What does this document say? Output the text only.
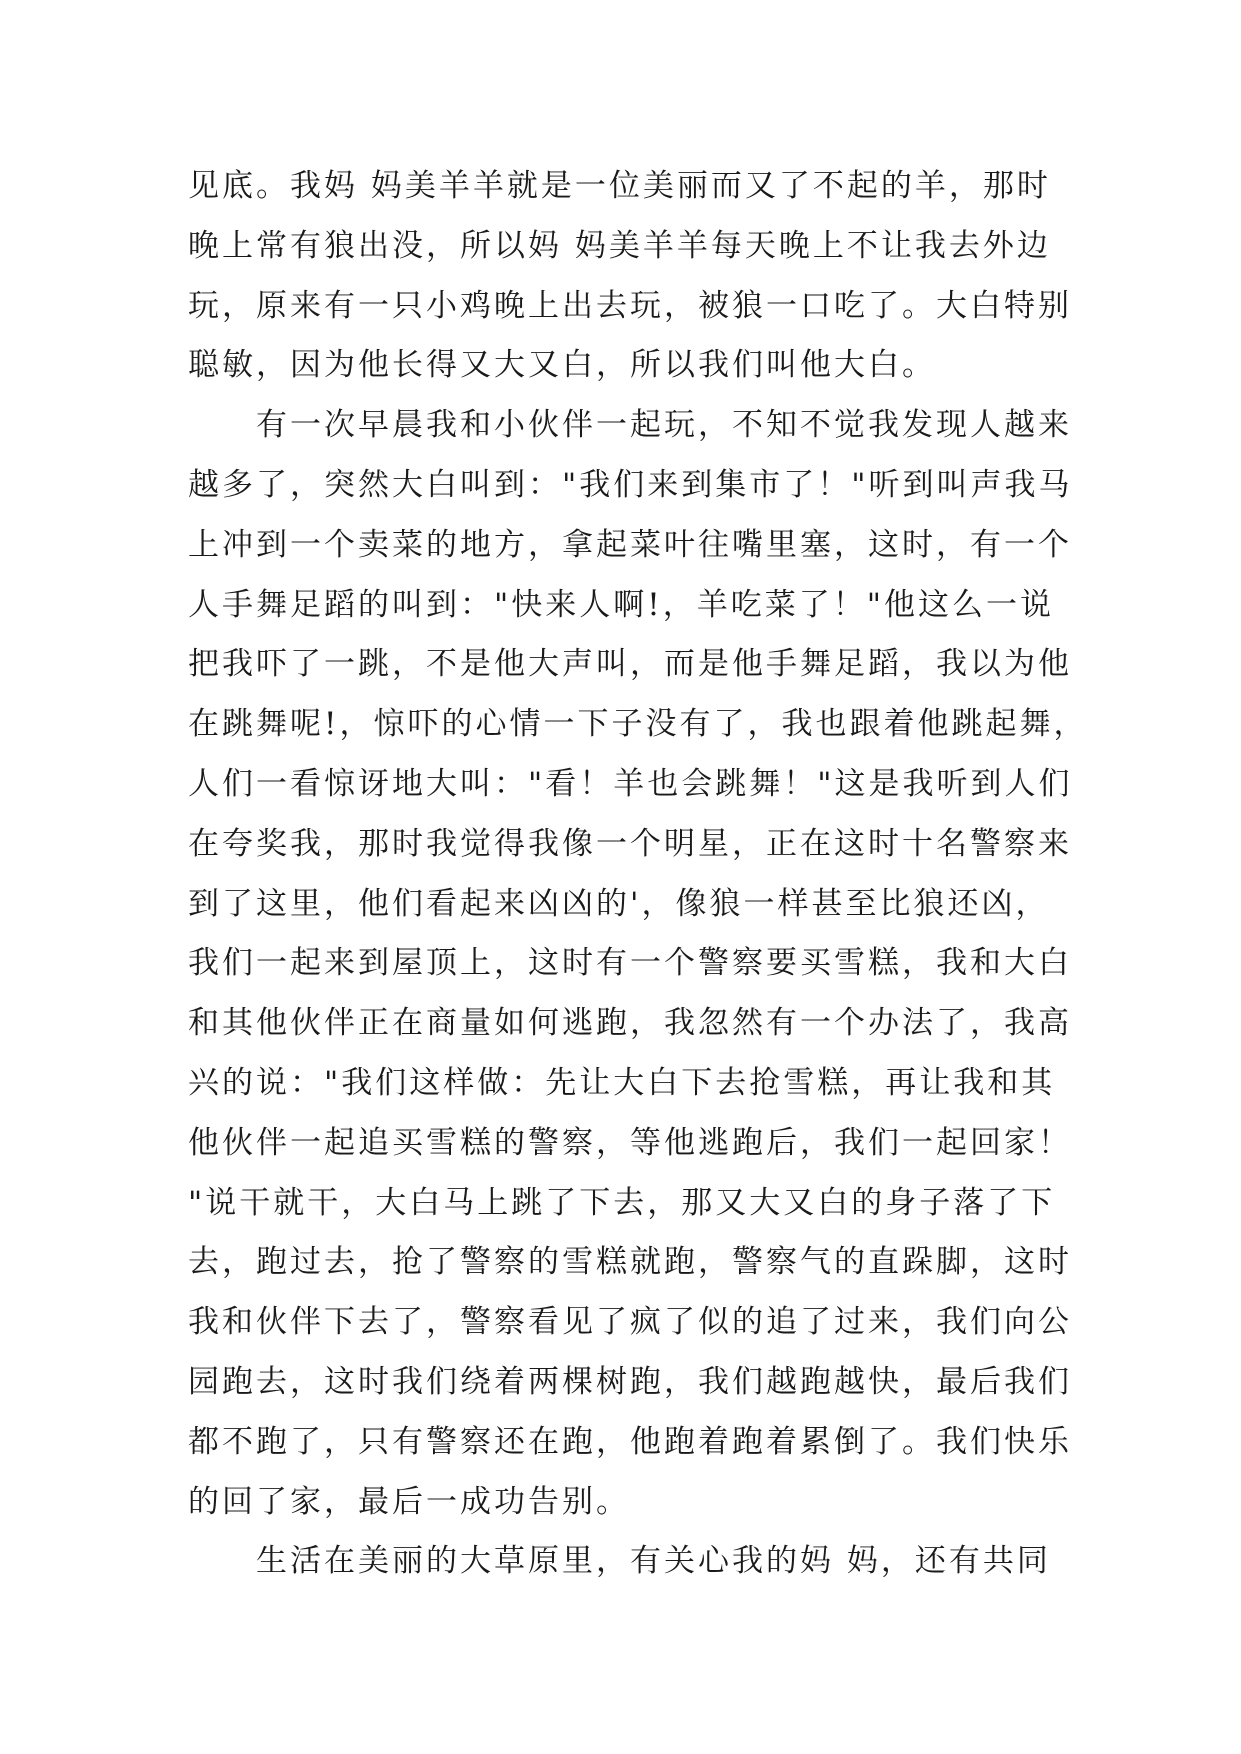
见底。我妈 妈美羊羊就是一位美丽而又了不起的羊，那时
晚上常有狼出没，所以妈 妈美羊羊每天晚上不让我去外边
玩，原来有一只小鸡晚上出去玩，被狼一口吃了。大白特别
聪敏，因为他长得又大又白，所以我们叫他大白。
　　有一次早晨我和小伙伴一起玩，不知不觉我发现人越来
越多了，突然大白叫到："我们来到集市了！"听到叫声我马
上冲到一个卖菜的地方，拿起菜叶往嘴里塞，这时，有一个
人手舞足蹈的叫到："快来人啊!，羊吃菜了！"他这么一说
把我吓了一跳，不是他大声叫，而是他手舞足蹈，我以为他
在跳舞呢!，惊吓的心情一下子没有了，我也跟着他跳起舞，
人们一看惊讶地大叫："看！羊也会跳舞！"这是我听到人们
在夸奖我，那时我觉得我像一个明星，正在这时十名警察来
到了这里，他们看起来凶凶的'，像狼一样甚至比狼还凶，
我们一起来到屋顶上，这时有一个警察要买雪糕，我和大白
和其他伙伴正在商量如何逃跑，我忽然有一个办法了，我高
兴的说："我们这样做：先让大白下去抢雪糕，再让我和其
他伙伴一起追买雪糕的警察，等他逃跑后，我们一起回家！
"说干就干，大白马上跳了下去，那又大又白的身子落了下
去，跑过去，抢了警察的雪糕就跑，警察气的直跺脚，这时
我和伙伴下去了，警察看见了疯了似的追了过来，我们向公
园跑去，这时我们绕着两棵树跑，我们越跑越快，最后我们
都不跑了，只有警察还在跑，他跑着跑着累倒了。我们快乐
的回了家，最后一成功告别。
　　生活在美丽的大草原里，有关心我的妈 妈，还有共同
